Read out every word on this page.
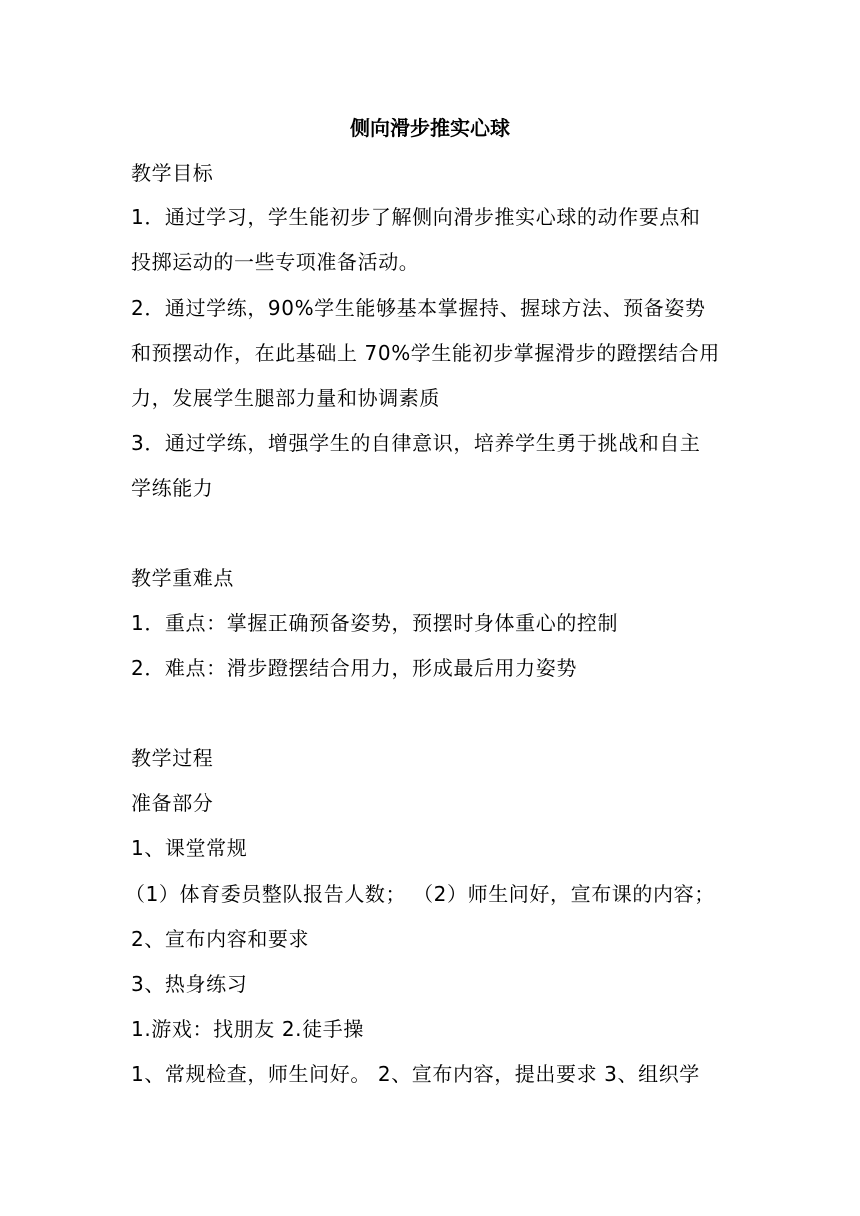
侧向滑步推实心球
教学目标
1．通过学习，学生能初步了解侧向滑步推实心球的动作要点和
投掷运动的一些专项准备活动。
2．通过学练，90%学生能够基本掌握持、握球方法、预备姿势
和预摆动作，在此基础上 70%学生能初步掌握滑步的蹬摆结合用
力，发展学生腿部力量和协调素质
3．通过学练，增强学生的自律意识，培养学生勇于挑战和自主
学练能力
教学重难点
1．重点：掌握正确预备姿势，预摆时身体重心的控制
2．难点：滑步蹬摆结合用力，形成最后用力姿势
教学过程
准备部分
1、课堂常规
（1）体育委员整队报告人数； （2）师生问好，宣布课的内容；
2、宣布内容和要求
3、热身练习
1.游戏：找朋友 2.徒手操
1、常规检查，师生问好。 2、宣布内容，提出要求 3、组织学
